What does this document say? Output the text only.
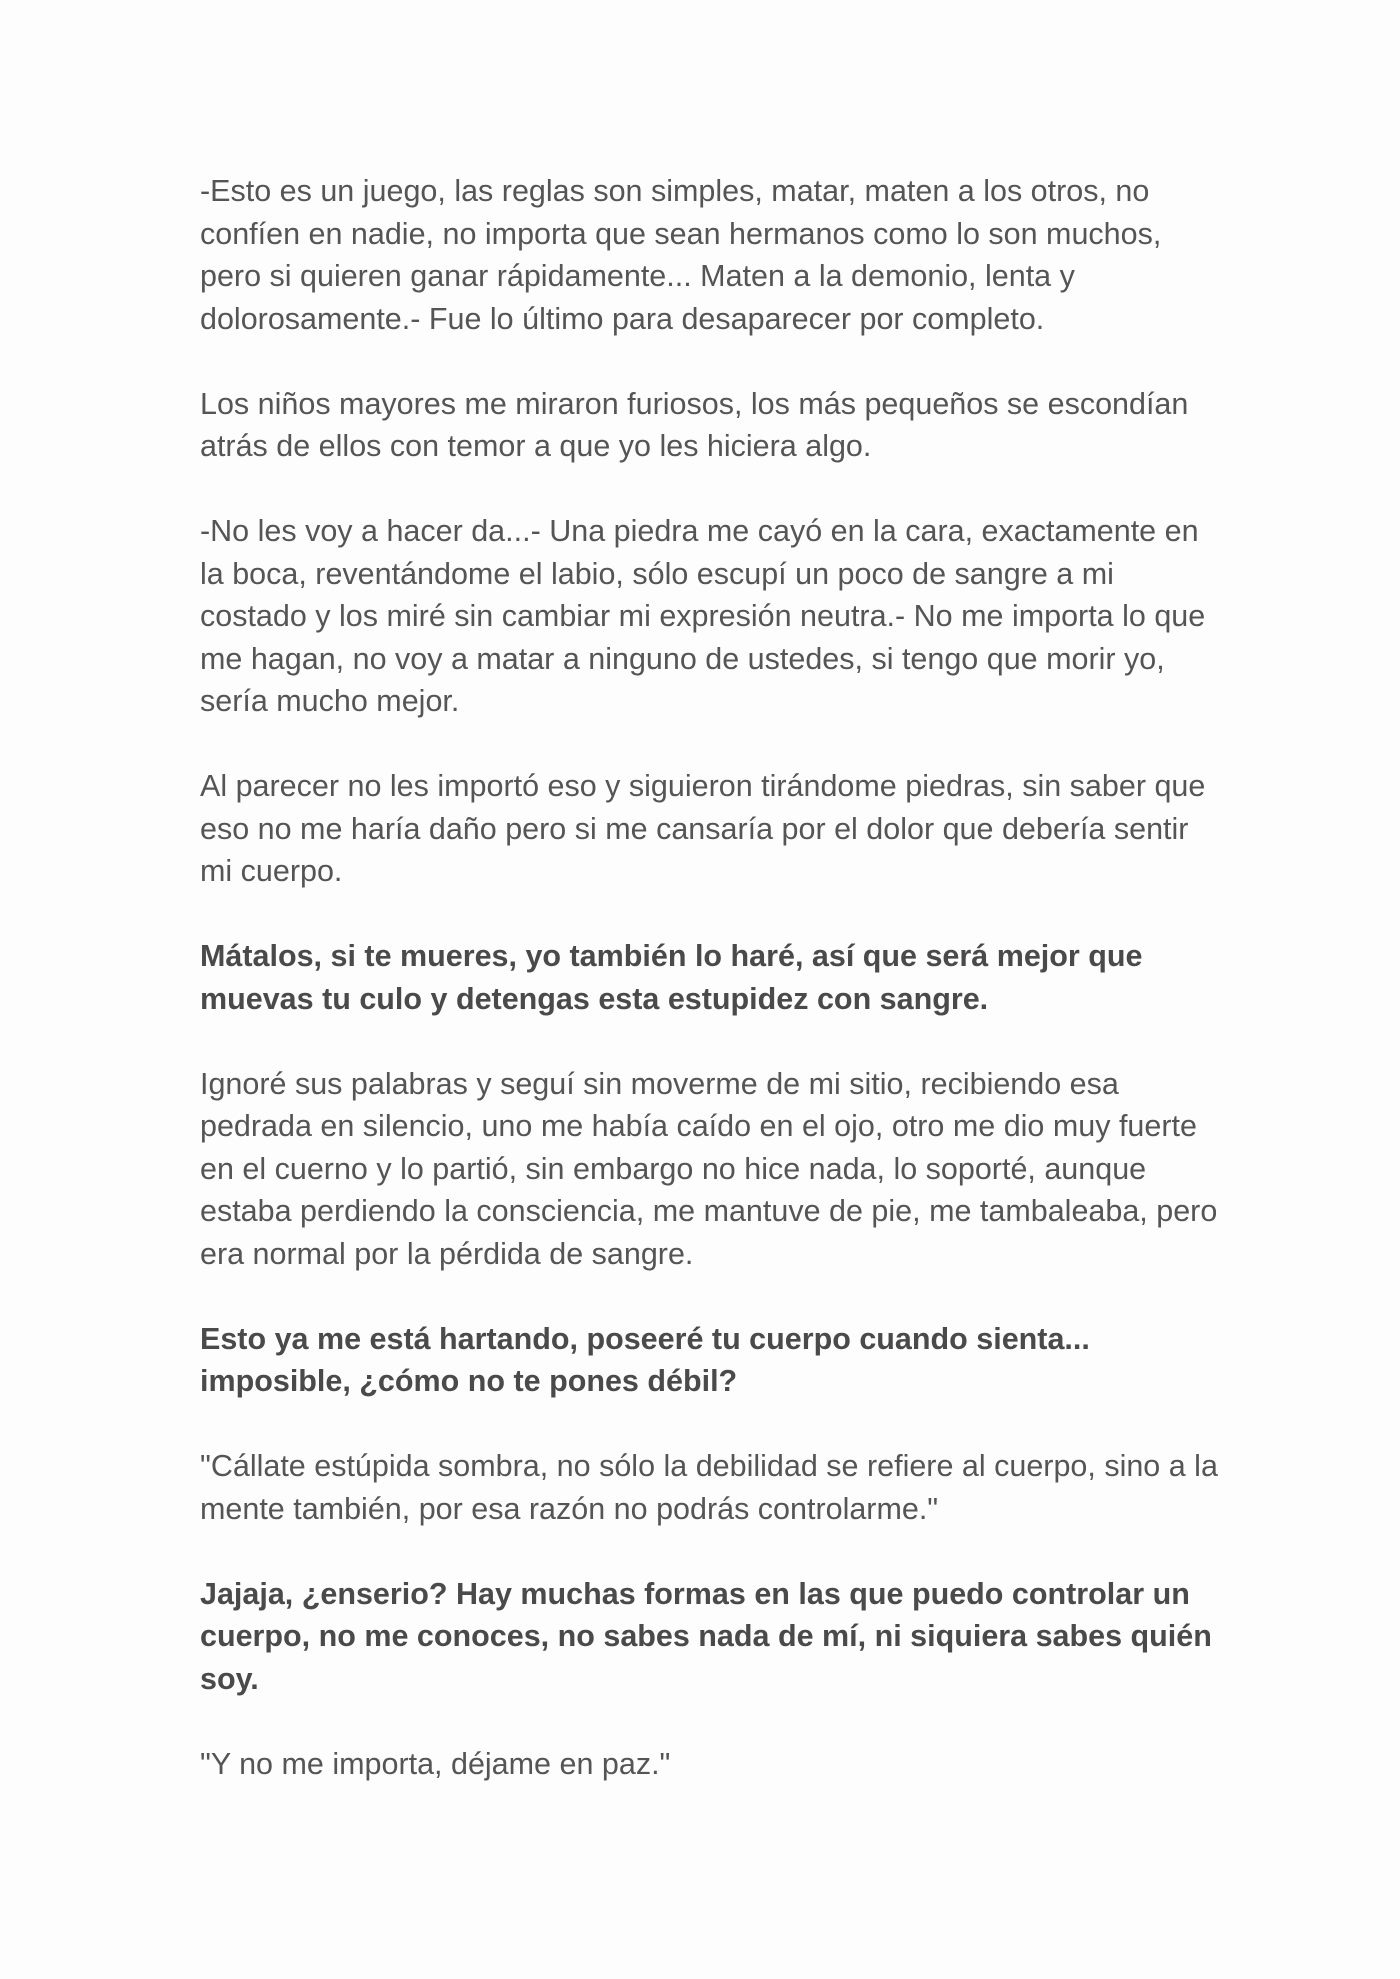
-Esto es un juego, las reglas son simples, matar, maten a los otros, no confíen en nadie, no importa que sean hermanos como lo son muchos, pero si quieren ganar rápidamente... Maten a la demonio, lenta y dolorosamente.- Fue lo último para desaparecer por completo.

Los niños mayores me miraron furiosos, los más pequeños se escondían atrás de ellos con temor a que yo les hiciera algo.

-No les voy a hacer da...- Una piedra me cayó en la cara, exactamente en la boca, reventándome el labio, sólo escupí un poco de sangre a mi costado y los miré sin cambiar mi expresión neutra.- No me importa lo que me hagan, no voy a matar a ninguno de ustedes, si tengo que morir yo, sería mucho mejor.

Al parecer no les importó eso y siguieron tirándome piedras, sin saber que eso no me haría daño pero si me cansaría por el dolor que debería sentir mi cuerpo.

Mátalos, si te mueres, yo también lo haré, así que será mejor que muevas tu culo y detengas esta estupidez con sangre.

Ignoré sus palabras y seguí sin moverme de mi sitio, recibiendo esa pedrada en silencio, uno me había caído en el ojo, otro me dio muy fuerte en el cuerno y lo partió, sin embargo no hice nada, lo soporté, aunque estaba perdiendo la consciencia, me mantuve de pie, me tambaleaba, pero era normal por la pérdida de sangre.

Esto ya me está hartando, poseeré tu cuerpo cuando sienta... imposible, ¿cómo no te pones débil?

"Cállate estúpida sombra, no sólo la debilidad se refiere al cuerpo, sino a la mente también, por esa razón no podrás controlarme."

Jajaja, ¿enserio? Hay muchas formas en las que puedo controlar un cuerpo, no me conoces, no sabes nada de mí, ni siquiera sabes quién soy.

"Y no me importa, déjame en paz."
